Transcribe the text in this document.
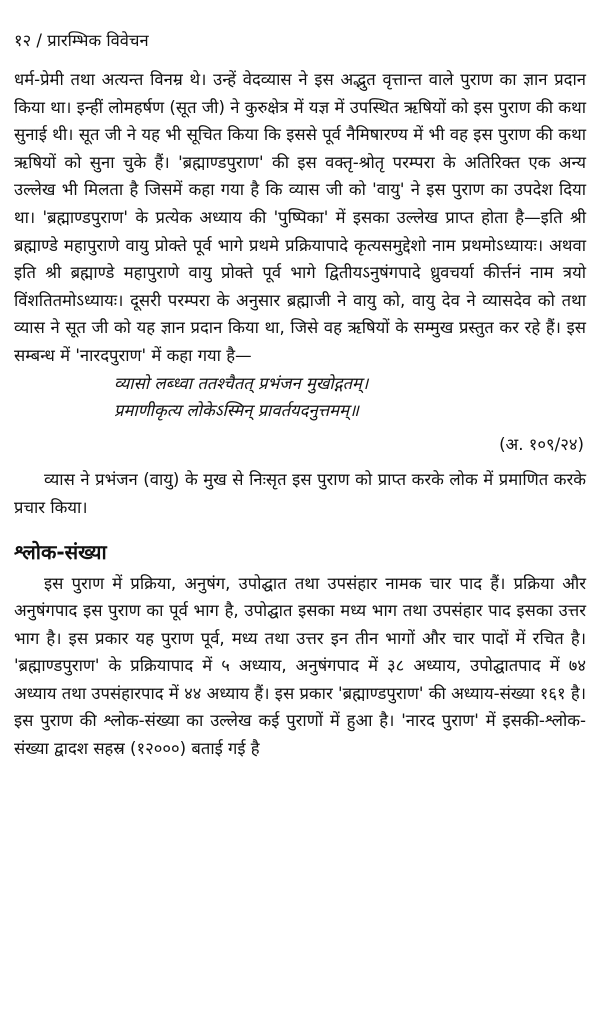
१२ / प्रारम्भिक विवेचन

धर्म-प्रेमी तथा अत्यन्त विनम्र थे। उन्हें वेदव्यास ने इस अद्भुत वृत्तान्त वाले पुराण का ज्ञान प्रदान किया था। इन्हीं लोमहर्षण (सूत जी) ने कुरुक्षेत्र में यज्ञ में उपस्थित ऋषियों को इस पुराण की कथा सुनाई थी। सूत जी ने यह भी सूचित किया कि इससे पूर्व नैमिषारण्य में भी वह इस पुराण की कथा ऋषियों को सुना चुके हैं। 'ब्रह्माण्डपुराण' की इस वक्तृ-श्रोतृ परम्परा के अतिरिक्त एक अन्य उल्लेख भी मिलता है जिसमें कहा गया है कि व्यास जी को 'वायु' ने इस पुराण का उपदेश दिया था। 'ब्रह्माण्डपुराण' के प्रत्येक अध्याय की 'पुष्पिका' में इसका उल्लेख प्राप्त होता है—इति श्री ब्रह्माण्डे महापुराणे वायु प्रोक्ते पूर्व भागे प्रथमे प्रक्रियापादे कृत्यसमुद्देशो नाम प्रथमोऽध्यायः। अथवा इति श्री ब्रह्माण्डे महापुराणे वायु प्रोक्ते पूर्व भागे द्वितीयऽनुषंगपादे ध्रुवचर्या कीर्त्तनं नाम त्रयो विंशतितमोऽध्यायः। दूसरी परम्परा के अनुसार ब्रह्माजी ने वायु को, वायु देव ने व्यासदेव को तथा व्यास ने सूत जी को यह ज्ञान प्रदान किया था, जिसे वह ऋषियों के सम्मुख प्रस्तुत कर रहे हैं। इस सम्बन्ध में 'नारदपुराण' में कहा गया है—

व्यासो लब्ध्वा ततश्चैतत् प्रभंजन मुखोद्गतम्।

प्रमाणीकृत्य लोकेऽस्मिन् प्रावर्तयदनुत्तमम्॥

(अ. १०९/२४)

व्यास ने प्रभंजन (वायु) के मुख से निःसृत इस पुराण को प्राप्त करके लोक में प्रमाणित करके प्रचार किया।

श्लोक-संख्या

इस पुराण में प्रक्रिया, अनुषंग, उपोद्घात तथा उपसंहार नामक चार पाद हैं। प्रक्रिया और अनुषंगपाद इस पुराण का पूर्व भाग है, उपोद्घात इसका मध्य भाग तथा उपसंहार पाद इसका उत्तर भाग है। इस प्रकार यह पुराण पूर्व, मध्य तथा उत्तर इन तीन भागों और चार पादों में रचित है। 'ब्रह्माण्डपुराण' के प्रक्रियापाद में ५ अध्याय, अनुषंगपाद में ३८ अध्याय, उपोद्घातपाद में ७४ अध्याय तथा उपसंहारपाद में ४४ अध्याय हैं। इस प्रकार 'ब्रह्माण्डपुराण' की अध्याय-संख्या १६१ है। इस पुराण की श्लोक-संख्या का उल्लेख कई पुराणों में हुआ है। 'नारद पुराण' में इसकी-श्लोक-संख्या द्वादश सहस्र (१२०००) बताई गई है
